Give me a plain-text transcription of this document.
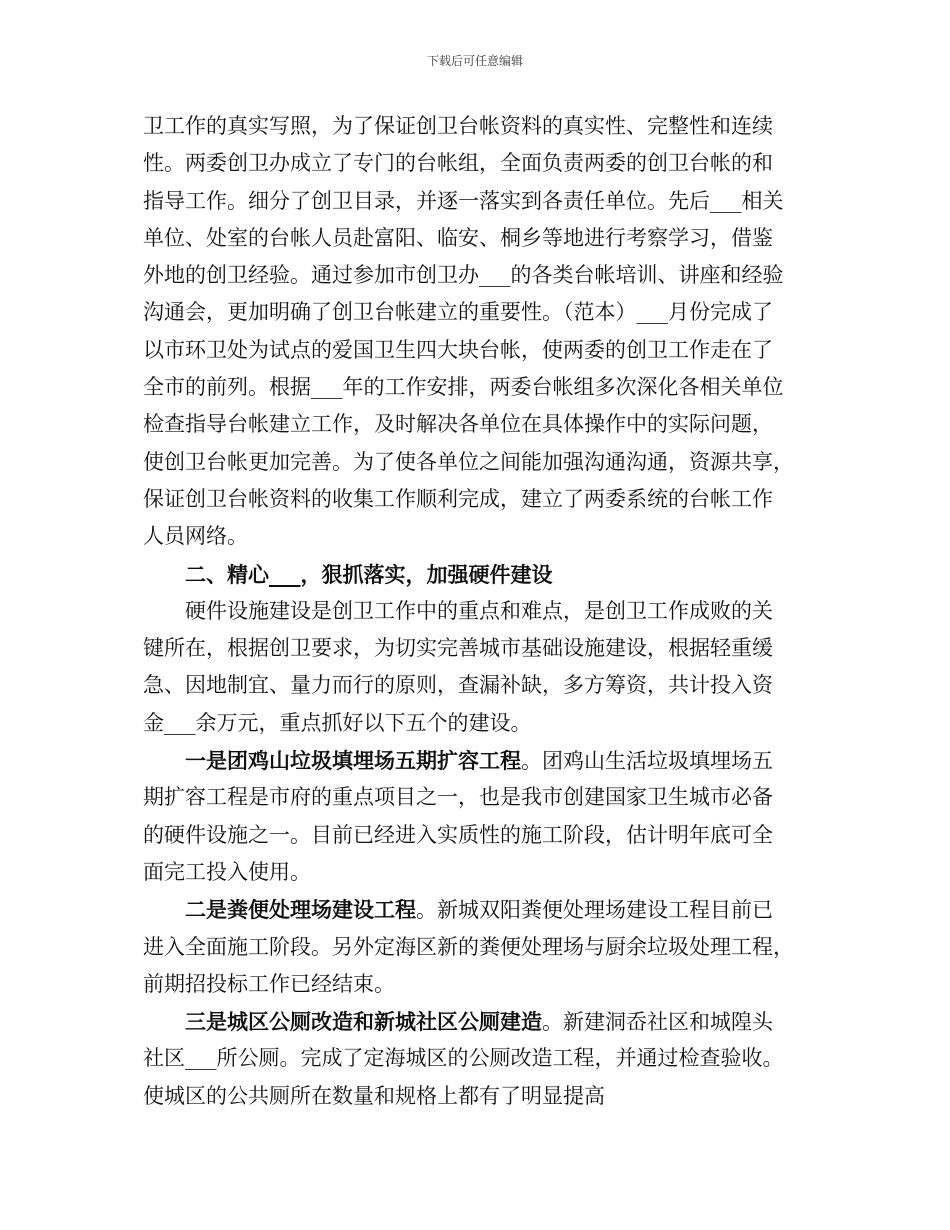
下载后可任意编辑
卫工作的真实写照，为了保证创卫台帐资料的真实性、完整性和连续
性。两委创卫办成立了专门的台帐组，全面负责两委的创卫台帐的和
指导工作。细分了创卫目录，并逐一落实到各责任单位。先后___相关
单位、处室的台帐人员赴富阳、临安、桐乡等地进行考察学习，借鉴
外地的创卫经验。通过参加市创卫办___的各类台帐培训、讲座和经验
沟通会，更加明确了创卫台帐建立的重要性。（范本）___月份完成了
以市环卫处为试点的爱国卫生四大块台帐，使两委的创卫工作走在了
全市的前列。根据___年的工作安排，两委台帐组多次深化各相关单位
检查指导台帐建立工作，及时解决各单位在具体操作中的实际问题，
使创卫台帐更加完善。为了使各单位之间能加强沟通沟通，资源共享，
保证创卫台帐资料的收集工作顺利完成，建立了两委系统的台帐工作
人员网络。
二、精心___，狠抓落实，加强硬件建设
硬件设施建设是创卫工作中的重点和难点，是创卫工作成败的关
键所在，根据创卫要求，为切实完善城市基础设施建设，根据轻重缓
急、因地制宜、量力而行的原则，查漏补缺，多方筹资，共计投入资
金___余万元，重点抓好以下五个的建设。
一是团鸡山垃圾填埋场五期扩容工程。团鸡山生活垃圾填埋场五
期扩容工程是市府的重点项目之一，也是我市创建国家卫生城市必备
的硬件设施之一。目前已经进入实质性的施工阶段，估计明年底可全
面完工投入使用。
二是粪便处理场建设工程。新城双阳粪便处理场建设工程目前已
进入全面施工阶段。另外定海区新的粪便处理场与厨余垃圾处理工程，
前期招投标工作已经结束。
三是城区公厕改造和新城社区公厕建造。新建洞岙社区和城隍头
社区___所公厕。完成了定海城区的公厕改造工程，并通过检查验收。
使城区的公共厕所在数量和规格上都有了明显提高
